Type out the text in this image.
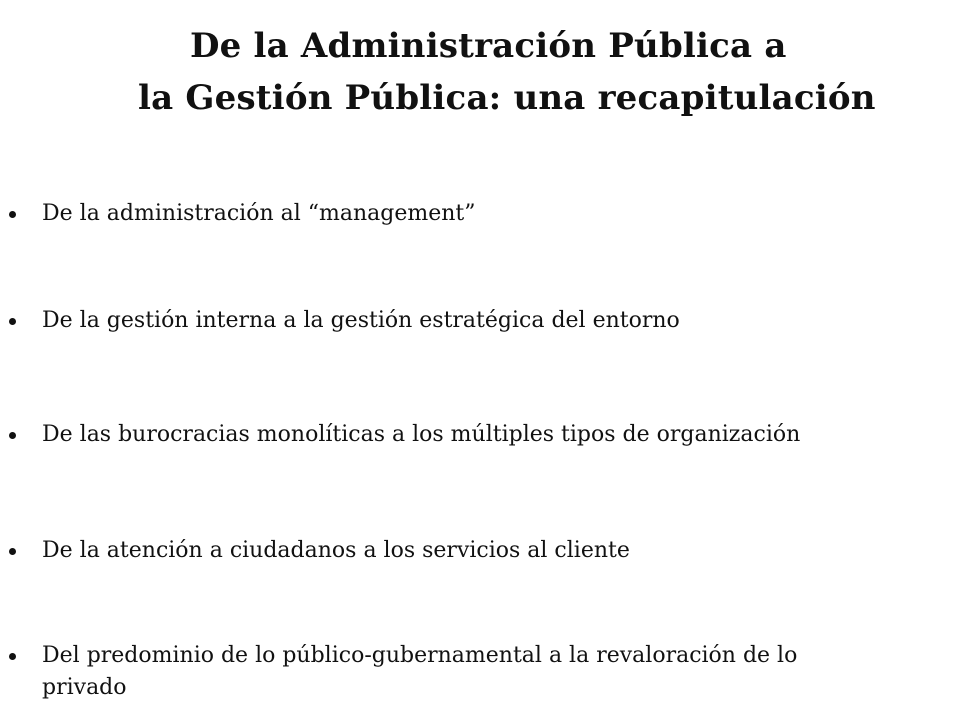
De la Administración Pública a
la Gestión Pública: una recapitulación
De la administración al “management”
De la gestión interna a la gestión estratégica del entorno
De las burocracias monolíticas a los múltiples tipos de organización
De la atención a ciudadanos a los servicios al cliente
Del predominio de lo público-gubernamental a la revaloración de lo
privado
